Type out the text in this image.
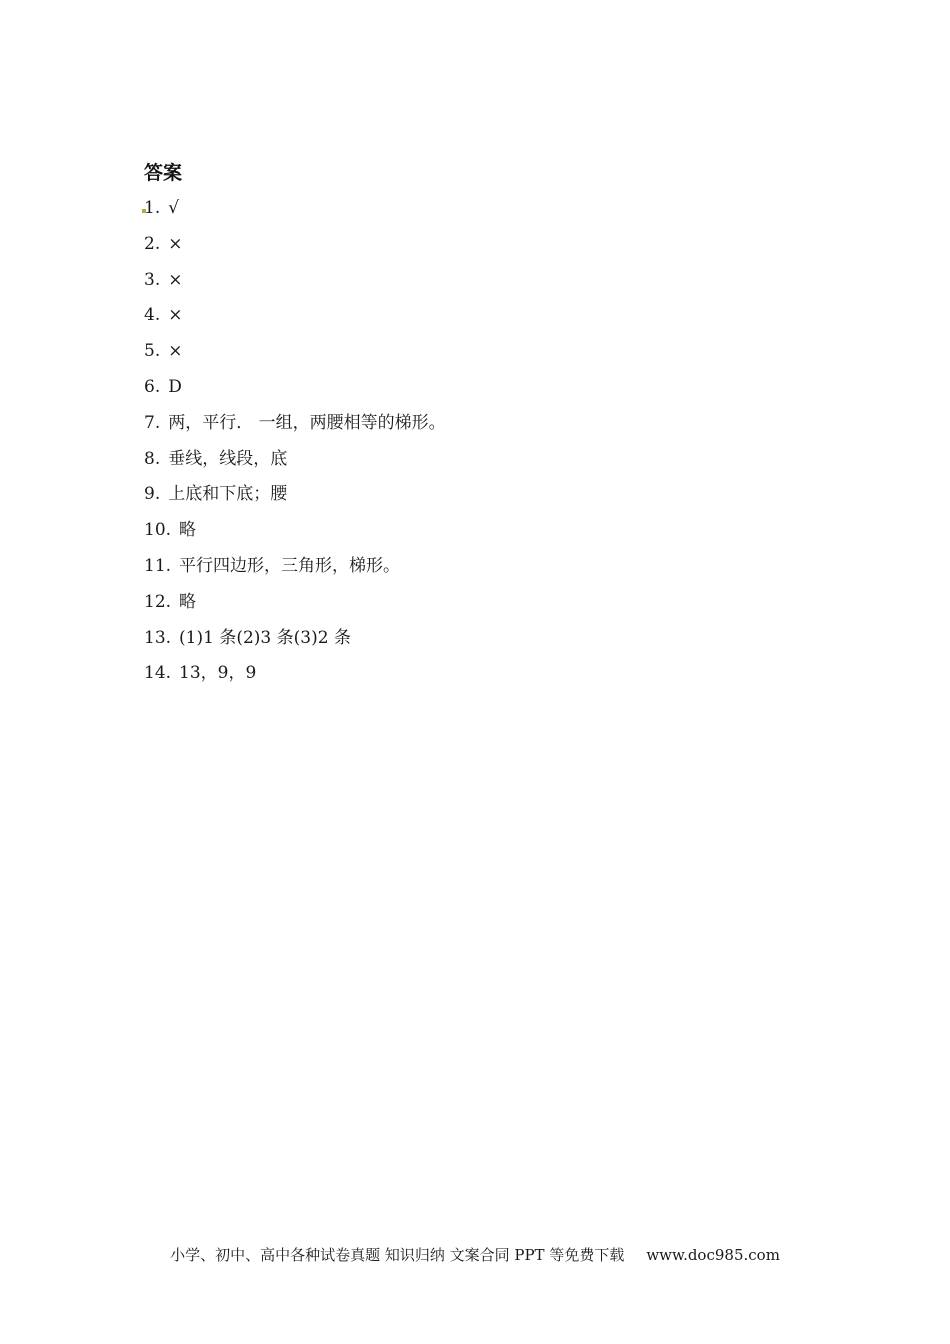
答案
1. √
2. ×
3. ×
4. ×
5. ×
6. D
7. 两，平行． 一组，两腰相等的梯形。
8. 垂线，线段，底
9. 上底和下底；腰
10. 略
11. 平行四边形，三角形，梯形。
12. 略
13. (1)1 条(2)3 条(3)2 条
14. 13，9，9
小学、初中、高中各种试卷真题 知识归纳 文案合同 PPT 等免费下载 www.doc985.com
